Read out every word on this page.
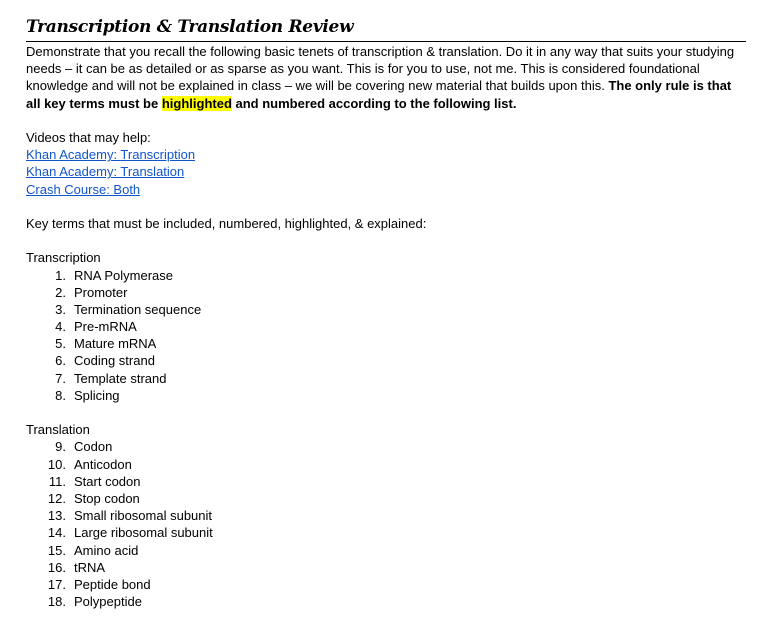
Transcription & Translation Review

Demonstrate that you recall the following basic tenets of transcription & translation. Do it in any way that suits your studying needs – it can be as detailed or as sparse as you want. This is for you to use, not me. This is considered foundational knowledge and will not be explained in class – we will be covering new material that builds upon this. The only rule is that all key terms must be highlighted and numbered according to the following list.

Videos that may help:
Khan Academy: Transcription
Khan Academy: Translation
Crash Course: Both
Key terms that must be included, numbered, highlighted, & explained:
Transcription
1. RNA Polymerase
2. Promoter
3. Termination sequence
4. Pre-mRNA
5. Mature mRNA
6. Coding strand
7. Template strand
8. Splicing
Translation
9. Codon
10. Anticodon
11. Start codon
12. Stop codon
13. Small ribosomal subunit
14. Large ribosomal subunit
15. Amino acid
16. tRNA
17. Peptide bond
18. Polypeptide
